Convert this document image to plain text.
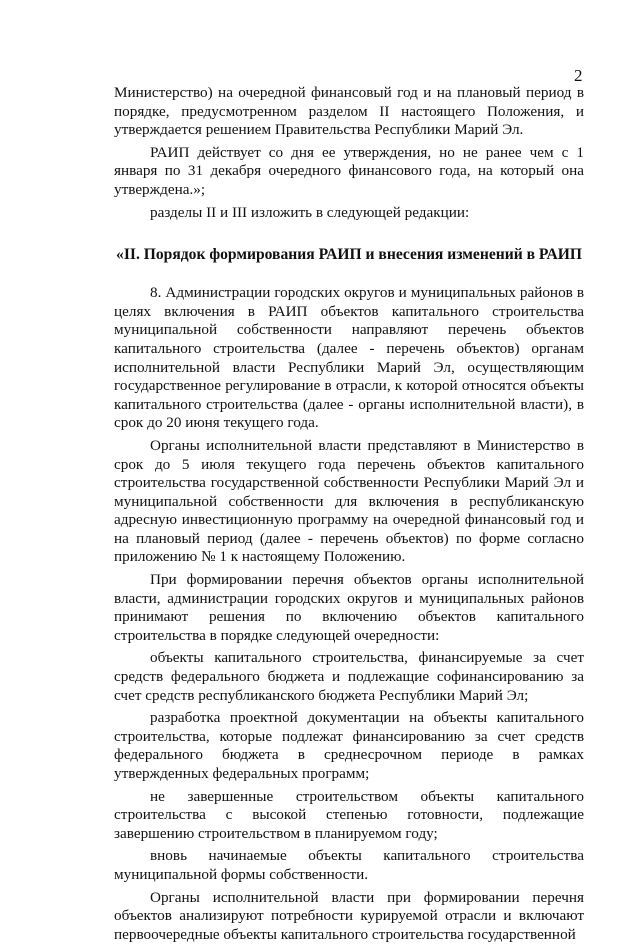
2

Министерство) на очередной финансовый год и на плановый период в порядке, предусмотренном разделом II настоящего Положения, и утверждается решением Правительства Республики Марий Эл.

РАИП действует со дня ее утверждения, но не ранее чем с 1 января по 31 декабря очередного финансового года, на который она утверждена.»;

разделы II и III изложить в следующей редакции:

«II. Порядок формирования РАИП и внесения изменений в РАИП

8. Администрации городских округов и муниципальных районов в целях включения в РАИП объектов капитального строительства муниципальной собственности направляют перечень объектов капитального строительства (далее - перечень объектов) органам исполнительной власти Республики Марий Эл, осуществляющим государственное регулирование в отрасли, к которой относятся объекты капитального строительства (далее - органы исполнительной власти), в срок до 20 июня текущего года.

Органы исполнительной власти представляют в Министерство в срок до 5 июля текущего года перечень объектов капитального строительства государственной собственности Республики Марий Эл и муниципальной собственности для включения в республиканскую адресную инвестиционную программу на очередной финансовый год и на плановый период (далее - перечень объектов) по форме согласно приложению № 1 к настоящему Положению.

При формировании перечня объектов органы исполнительной власти, администрации городских округов и муниципальных районов принимают решения по включению объектов капитального строительства в порядке следующей очередности:

объекты капитального строительства, финансируемые за счет средств федерального бюджета и подлежащие софинансированию за счет средств республиканского бюджета Республики Марий Эл;

разработка проектной документации на объекты капитального строительства, которые подлежат финансированию за счет средств федерального бюджета в среднесрочном периоде в рамках утвержденных федеральных программ;

не завершенные строительством объекты капитального строительства с высокой степенью готовности, подлежащие завершению строительством в планируемом году;

вновь начинаемые объекты капитального строительства муниципальной формы собственности.

Органы исполнительной власти при формировании перечня объектов анализируют потребности курируемой отрасли и включают первоочередные объекты капитального строительства государственной
